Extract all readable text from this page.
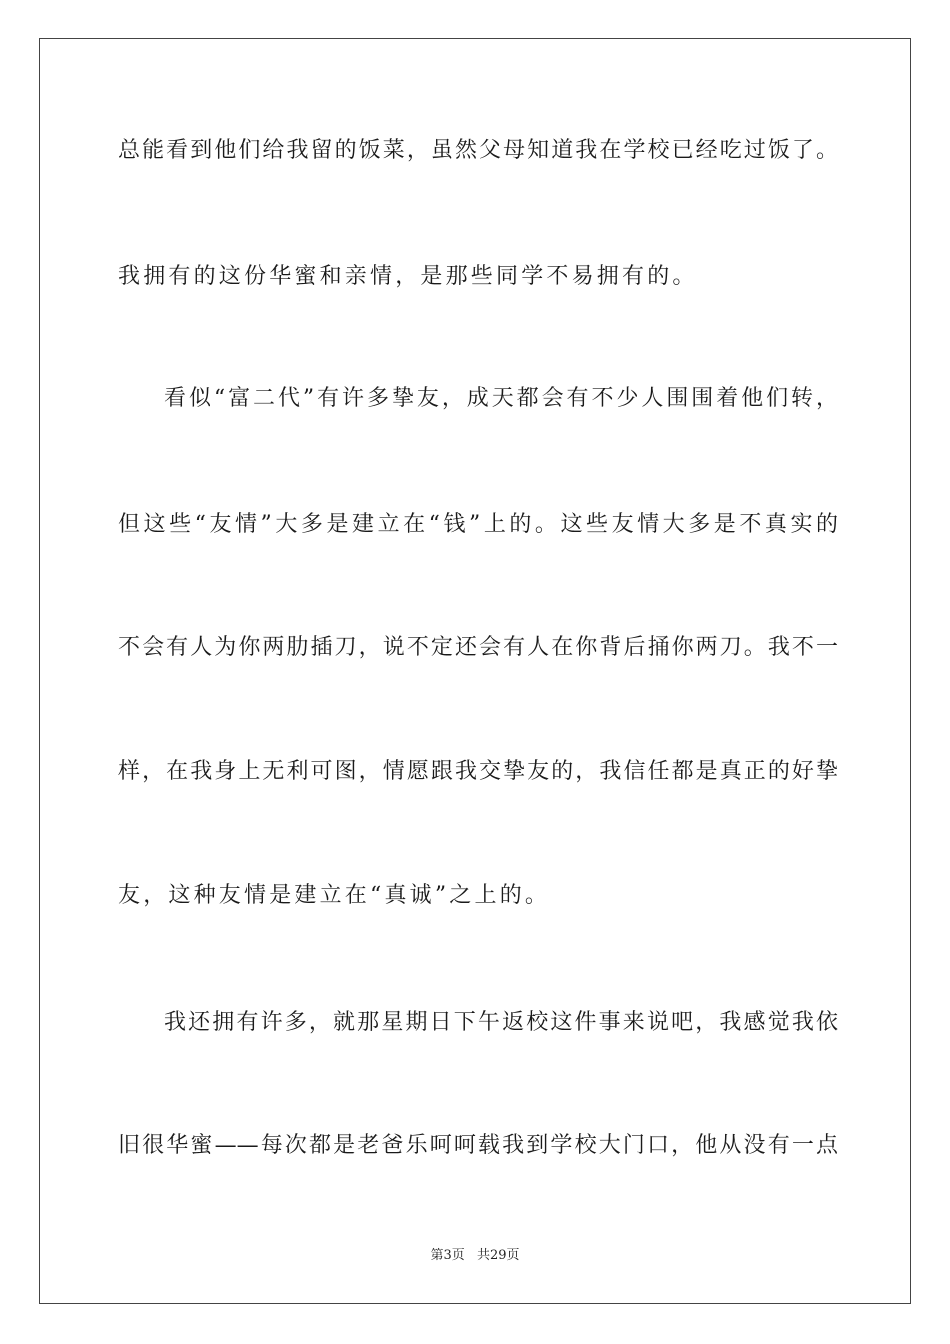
总能看到他们给我留的饭菜，虽然父母知道我在学校已经吃过饭了。
我拥有的这份华蜜和亲情，是那些同学不易拥有的。
看似“富二代”有许多挚友，成天都会有不少人围围着他们转，
但这些“友情”大多是建立在“钱”上的。这些友情大多是不真实的
不会有人为你两肋插刀，说不定还会有人在你背后捅你两刀。我不一
样，在我身上无利可图，情愿跟我交挚友的，我信任都是真正的好挚
友，这种友情是建立在“真诚”之上的。
我还拥有许多，就那星期日下午返校这件事来说吧，我感觉我依
旧很华蜜——每次都是老爸乐呵呵载我到学校大门口，他从没有一点
第3页 共29页
